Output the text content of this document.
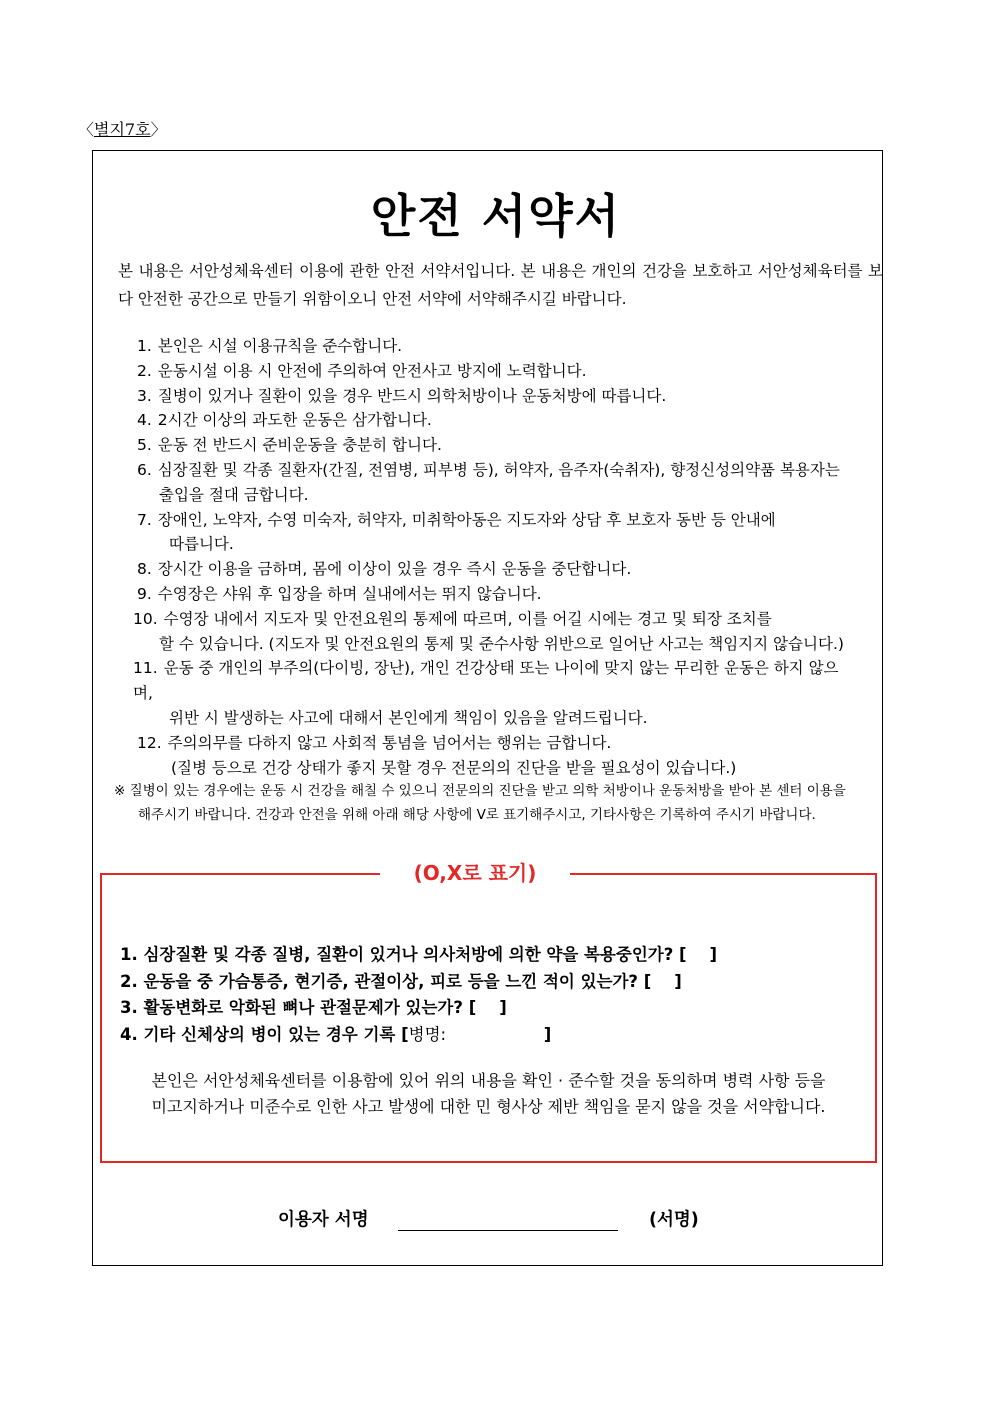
〈별지7호〉
안전 서약서
본 내용은 서안성체육센터 이용에 관한 안전 서약서입니다. 본 내용은 개인의 건강을 보호하고 서안성체육터를 보다 안전한 공간으로 만들기 위함이오니 안전 서약에 서약해주시길 바랍니다.
1. 본인은 시설 이용규칙을 준수합니다.
2. 운동시설 이용 시 안전에 주의하여 안전사고 방지에 노력합니다.
3. 질병이 있거나 질환이 있을 경우 반드시 의학처방이나 운동처방에 따릅니다.
4. 2시간 이상의 과도한 운동은 삼가합니다.
5. 운동 전 반드시 준비운동을 충분히 합니다.
6. 심장질환 및 각종 질환자(간질, 전염병, 피부병 등), 허약자, 음주자(숙취자), 향정신성의약품 복용자는
출입을 절대 금합니다.
7. 장애인, 노약자, 수영 미숙자, 허약자, 미취학아동은 지도자와 상담 후 보호자 동반 등 안내에
따릅니다.
8. 장시간 이용을 금하며, 몸에 이상이 있을 경우 즉시 운동을 중단합니다.
9. 수영장은 샤워 후 입장을 하며 실내에서는 뛰지 않습니다.
10. 수영장 내에서 지도자 및 안전요원의 통제에 따르며, 이를 어길 시에는 경고 및 퇴장 조치를
할 수 있습니다. (지도자 및 안전요원의 통제 및 준수사항 위반으로 일어난 사고는 책임지지 않습니다.)
11. 운동 중 개인의 부주의(다이빙, 장난), 개인 건강상태 또는 나이에 맞지 않는 무리한 운동은 하지 않으며,
위반 시 발생하는 사고에 대해서 본인에게 책임이 있음을 알려드립니다.
12. 주의의무를 다하지 않고 사회적 통념을 넘어서는 행위는 금합니다.
(질병 등으로 건강 상태가 좋지 못할 경우 전문의의 진단을 받을 필요성이 있습니다.)
※ 질병이 있는 경우에는 운동 시 건강을 해칠 수 있으니 전문의의 진단을 받고 의학 처방이나 운동처방을 받아 본 센터 이용을
해주시기 바랍니다. 건강과 안전을 위해 아래 해당 사항에 V로 표기해주시고, 기타사항은 기록하여 주시기 바랍니다.
(O,X로 표기)
1. 심장질환 및 각종 질병, 질환이 있거나 의사처방에 의한 약을 복용중인가? [    ]
2. 운동을 중 가슴통증, 현기증, 관절이상, 피로 등을 느낀 적이 있는가? [    ]
3. 활동변화로 악화된 뼈나 관절문제가 있는가? [    ]
4. 기타 신체상의 병이 있는 경우 기록 [병명:                 ]
본인은 서안성체육센터를 이용함에 있어 위의 내용을 확인 · 준수할 것을 동의하며 병력 사항 등을
미고지하거나 미준수로 인한 사고 발생에 대한 민 형사상 제반 책임을 묻지 않을 것을 서약합니다.
이용자 서명	(서명)
